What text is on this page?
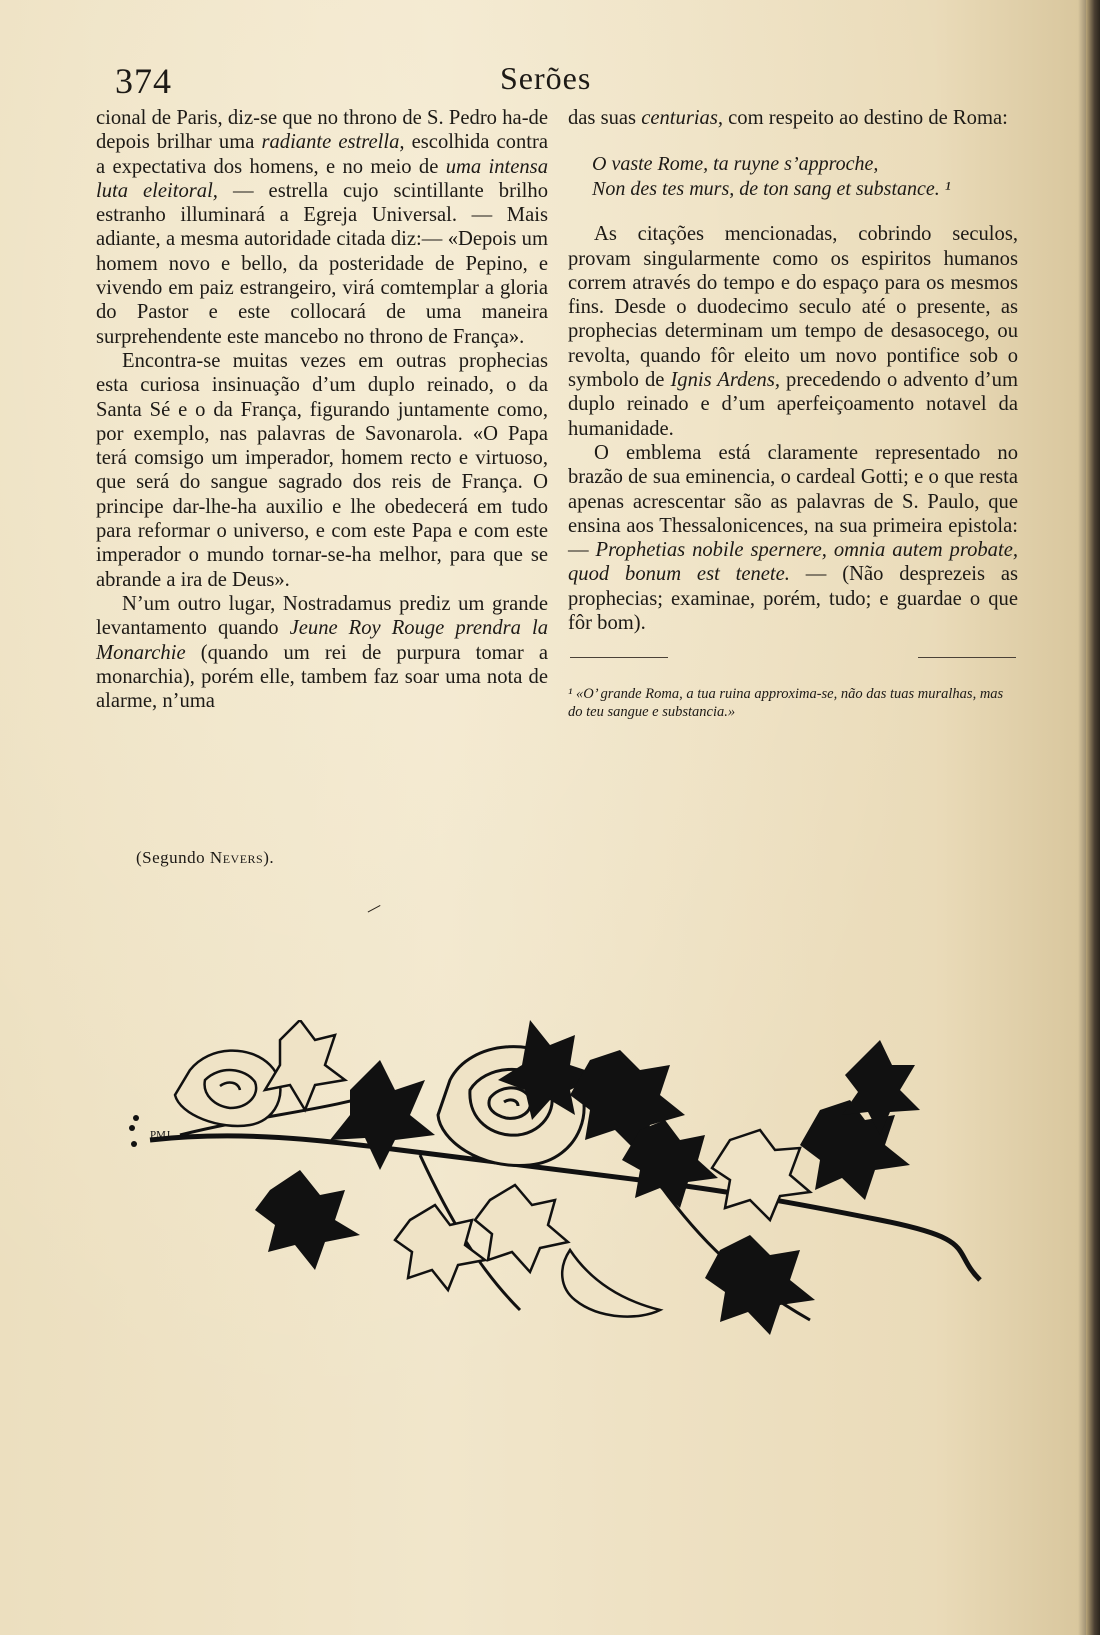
374	Serões

cional de Paris, diz-se que no throno de S. Pedro ha-de depois brilhar uma radiante estrella, escolhida contra a expectativa dos homens, e no meio de uma intensa luta eleitoral, — estrella cujo scintillante brilho estranho illuminará a Egreja Universal. — Mais adiante, a mesma autoridade citada diz:— «Depois um homem novo e bello, da posteridade de Pepino, e vivendo em paiz estrangeiro, virá comtemplar a gloria do Pastor e este collocará de uma maneira surprehendente este mancebo no throno de França».

Encontra-se muitas vezes em outras prophecias esta curiosa insinuação d’um duplo reinado, o da Santa Sé e o da França, figurando juntamente como, por exemplo, nas palavras de Savonarola. «O Papa terá comsigo um imperador, homem recto e virtuoso, que será do sangue sagrado dos reis de França. O principe dar-lhe-ha auxilio e lhe obedecerá em tudo para reformar o universo, e com este Papa e com este imperador o mundo tornar-se-ha melhor, para que se abrande a ira de Deus».

N’um outro lugar, Nostradamus prediz um grande levantamento quando Jeune Roy Rouge prendra la Monarchie (quando um rei de purpura tomar a monarchia), porém elle, tambem faz soar uma nota de alarme, n’uma

das suas centurias, com respeito ao destino de Roma:

O vaste Rome, ta ruyne s’approche,
Non des tes murs, de ton sang et substance. ¹

As citações mencionadas, cobrindo seculos, provam singularmente como os espiritos humanos correm através do tempo e do espaço para os mesmos fins. Desde o duodecimo seculo até o presente, as prophecias determinam um tempo de desasocego, ou revolta, quando fôr eleito um novo pontifice sob o symbolo de Ignis Ardens, precedendo o advento d’um duplo reinado e d’um aperfeiçoamento notavel da humanidade.

O emblema está claramente representado no brazão de sua eminencia, o cardeal Gotti; e o que resta apenas acrescentar são as palavras de S. Paulo, que ensina aos Thessalonicences, na sua primeira epistola:— Prophetias nobile spernere, omnia autem probate, quod bonum est tenete. — (Não desprezeis as prophecias; examinae, porém, tudo; e guardae o que fôr bom).

¹ «O’ grande Roma, a tua ruina approxima-se, não das tuas muralhas, mas do teu sangue e substancia.»
(Segundo Nevers).
PMJ
